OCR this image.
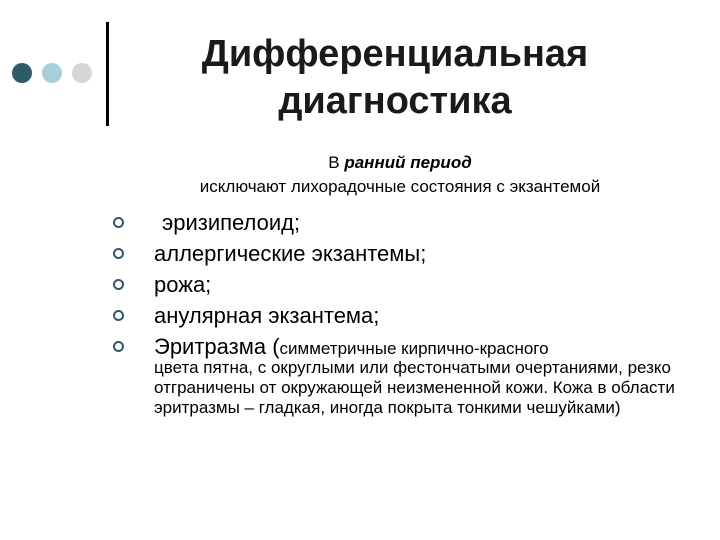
Дифференциальная диагностика
В ранний период
исключают лихорадочные состояния с экзантемой
эризипелоид;
аллергические экзантемы;
рожа;
анулярная экзантема;
Эритразма (симметричные кирпично-красного
цвета пятна, с округлыми или фестончатыми очертаниями, резко отграничены от окружающей неизмененной кожи. Кожа в области эритразмы – гладкая, иногда покрыта тонкими чешуйками)
